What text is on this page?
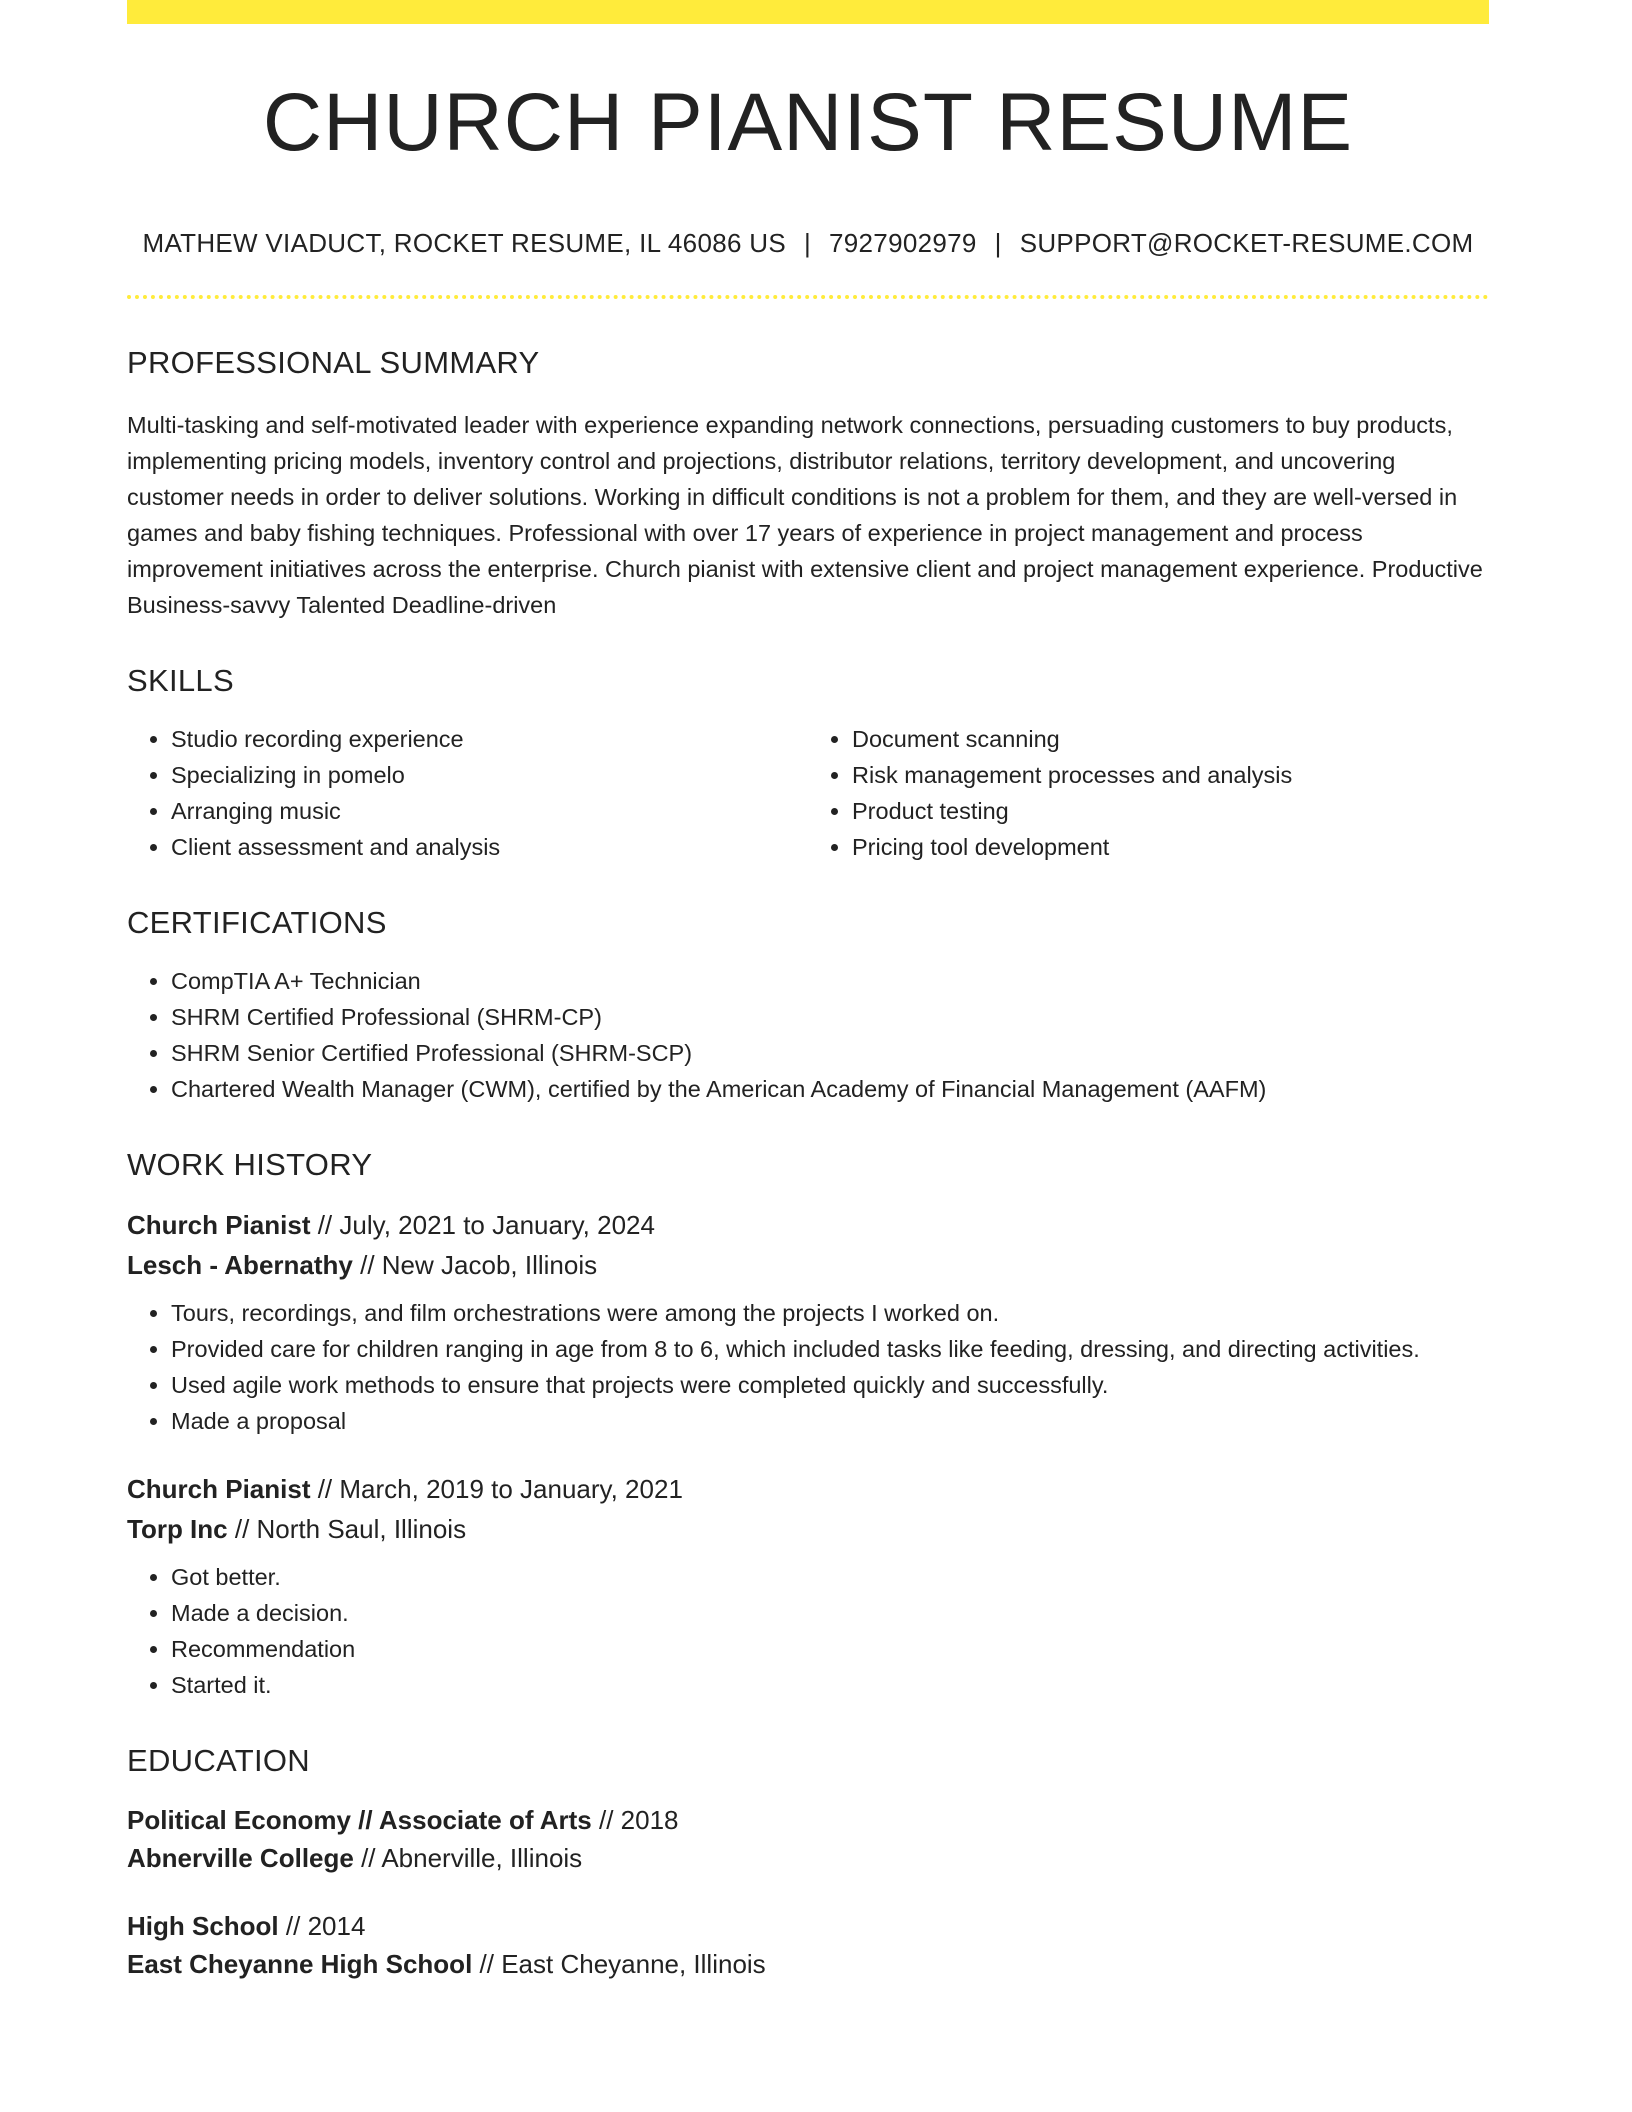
CHURCH PIANIST RESUME
MATHEW VIADUCT, ROCKET RESUME, IL 46086 US | 7927902979 | SUPPORT@ROCKET-RESUME.COM
PROFESSIONAL SUMMARY

Multi-tasking and self-motivated leader with experience expanding network connections, persuading customers to buy products, implementing pricing models, inventory control and projections, distributor relations, territory development, and uncovering customer needs in order to deliver solutions. Working in difficult conditions is not a problem for them, and they are well-versed in games and baby fishing techniques. Professional with over 17 years of experience in project management and process improvement initiatives across the enterprise. Church pianist with extensive client and project management experience. Productive Business-savvy Talented Deadline-driven

SKILLS
• Studio recording experience
• Specializing in pomelo
• Arranging music
• Client assessment and analysis
• Document scanning
• Risk management processes and analysis
• Product testing
• Pricing tool development
CERTIFICATIONS
• CompTIA A+ Technician
• SHRM Certified Professional (SHRM-CP)
• SHRM Senior Certified Professional (SHRM-SCP)
• Chartered Wealth Manager (CWM), certified by the American Academy of Financial Management (AAFM)
WORK HISTORY
Church Pianist // July, 2021 to January, 2024
Lesch - Abernathy // New Jacob, Illinois
• Tours, recordings, and film orchestrations were among the projects I worked on.
• Provided care for children ranging in age from 8 to 6, which included tasks like feeding, dressing, and directing activities.
• Used agile work methods to ensure that projects were completed quickly and successfully.
• Made a proposal
Church Pianist // March, 2019 to January, 2021
Torp Inc // North Saul, Illinois
• Got better.
• Made a decision.
• Recommendation
• Started it.
EDUCATION
Political Economy // Associate of Arts // 2018
Abnerville College // Abnerville, Illinois
High School // 2014
East Cheyanne High School // East Cheyanne, Illinois
